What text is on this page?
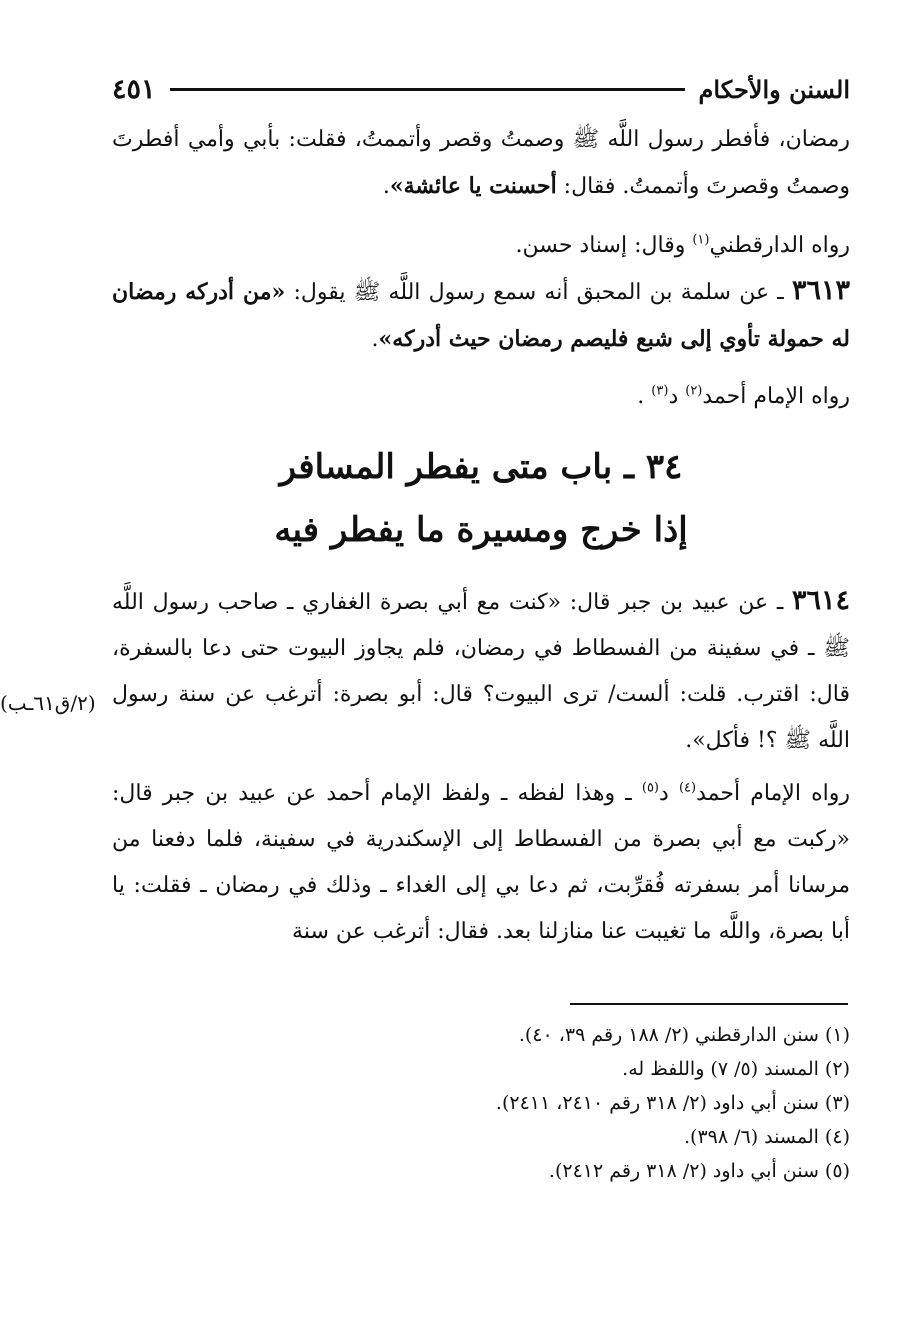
السنن والأحكام
٤٥١
رمضان، فأفطر رسول اللَّه ﷺ وصمتُ وقصر وأتممتُ، فقلت: بأبي وأمي أفطرتَ وصمتُ وقصرتَ وأتممتُ. فقال: أحسنت يا عائشة».
رواه الدارقطني$^{(١)}$ وقال: إسناد حسن.
٣٦١٣ ـ عن سلمة بن المحبق أنه سمع رسول اللَّه ﷺ يقول: «من أدركه رمضان له حمولة تأوي إلى شبع فليصم رمضان حيث أدركه».
رواه الإمام أحمد$^{(٢)}$ د$^{(٣)}$ .
٣٤ ـ باب متى يفطر المسافر
إذا خرج ومسيرة ما يفطر فيه
٣٦١٤ ـ عن عبيد بن جبر قال: «كنت مع أبي بصرة الغفاري ـ صاحب رسول اللَّه ﷺ ـ في سفينة من الفسطاط في رمضان، فلم يجاوز البيوت حتى دعا بالسفرة، قال: اقترب. قلت: ألست/ ترى البيوت؟ قال: أبو بصرة: أترغب عن سنة رسول اللَّه ﷺ ؟! فأكل».
(٢/ق٦١ـب)
رواه الإمام أحمد$^{(٤)}$ د$^{(٥)}$ ـ وهذا لفظه ـ ولفظ الإمام أحمد عن عبيد بن جبر قال: «ركبت مع أبي بصرة من الفسطاط إلى الإسكندرية في سفينة، فلما دفعنا من مرسانا أمر بسفرته فُقرِّبت، ثم دعا بي إلى الغداء ـ وذلك في رمضان ـ فقلت: يا أبا بصرة، واللَّه ما تغيبت عنا منازلنا بعد. فقال: أترغب عن سنة
(١) سنن الدارقطني (٢/ ١٨٨ رقم ٣٩، ٤٠).
(٢) المسند (٥/ ٧) واللفظ له.
(٣) سنن أبي داود (٢/ ٣١٨ رقم ٢٤١٠، ٢٤١١).
(٤) المسند (٦/ ٣٩٨).
(٥) سنن أبي داود (٢/ ٣١٨ رقم ٢٤١٢).
